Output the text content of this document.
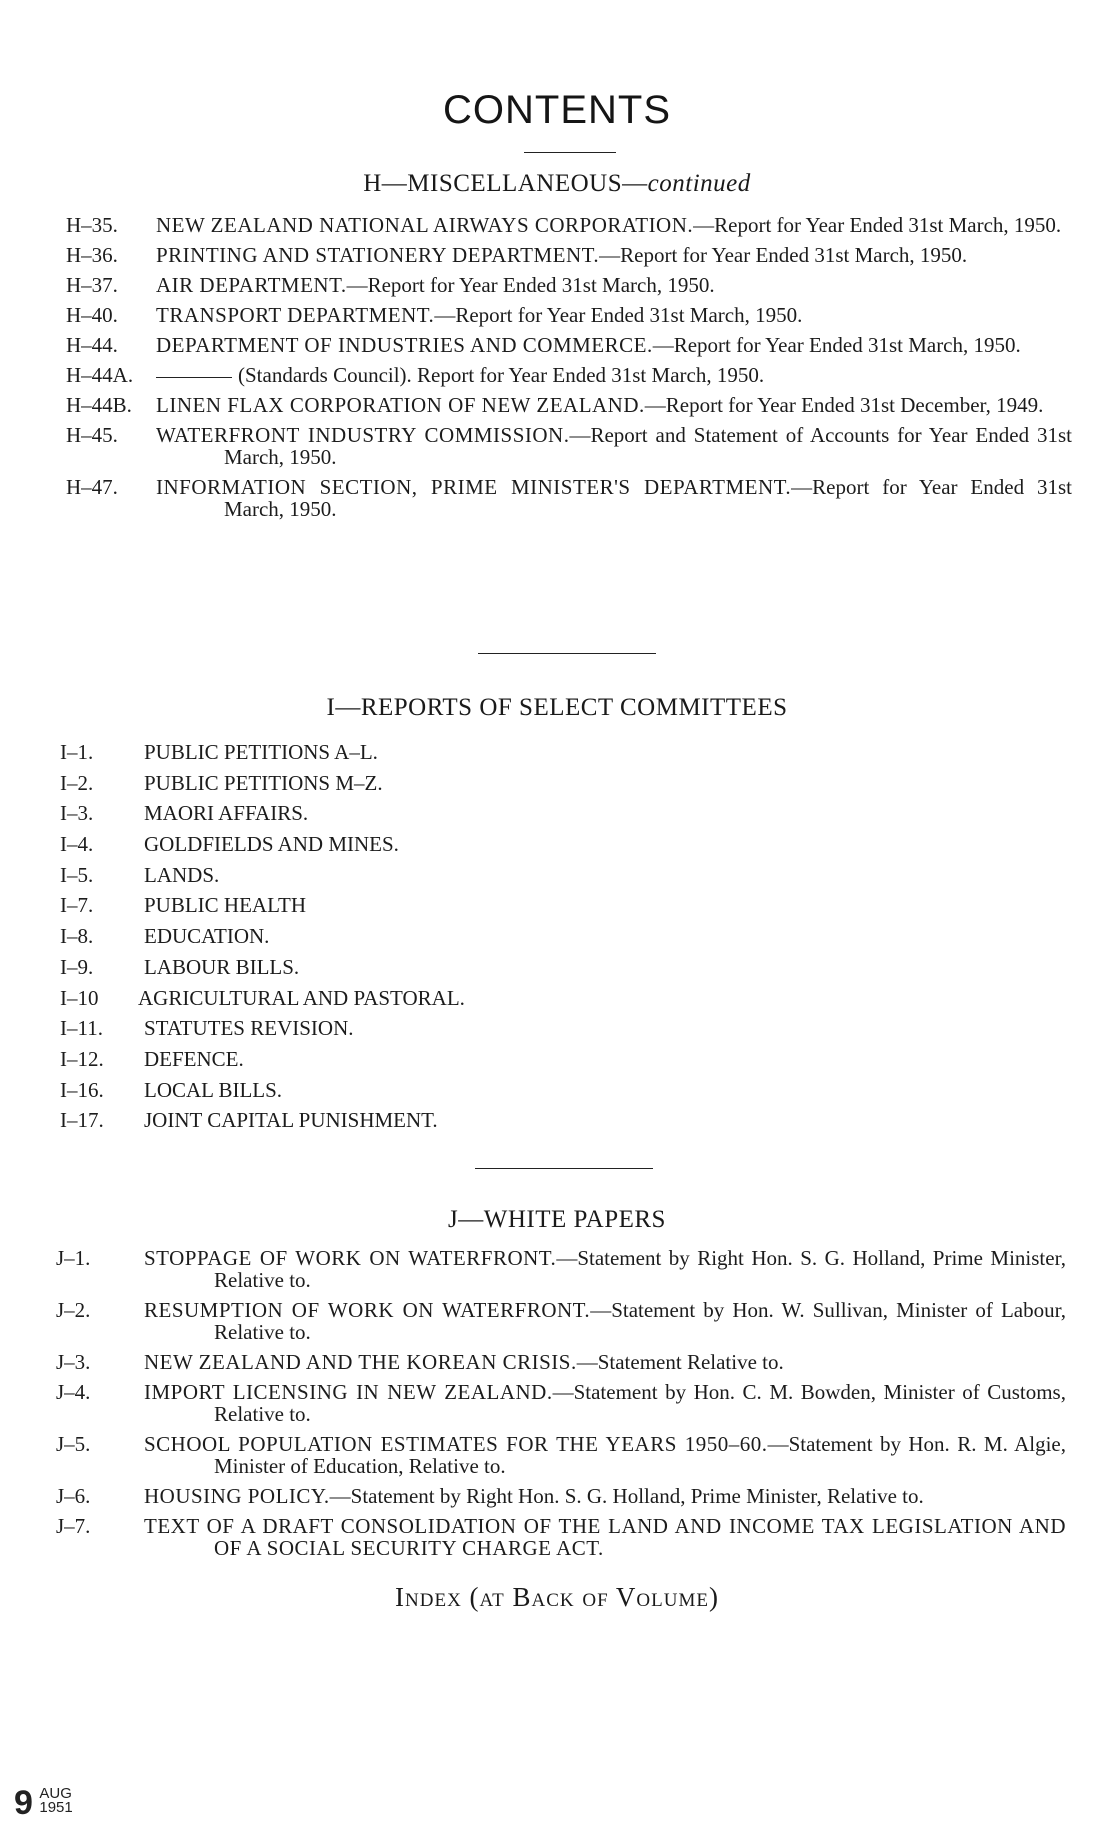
CONTENTS
H—MISCELLANEOUS—continued
H–35. NEW ZEALAND NATIONAL AIRWAYS CORPORATION.—Report for Year Ended 31st March, 1950.
H–36. PRINTING AND STATIONERY DEPARTMENT.—Report for Year Ended 31st March, 1950.
H–37. AIR DEPARTMENT.—Report for Year Ended 31st March, 1950.
H–40. TRANSPORT DEPARTMENT.—Report for Year Ended 31st March, 1950.
H–44. DEPARTMENT OF INDUSTRIES AND COMMERCE.—Report for Year Ended 31st March, 1950.
H–44A.	(Standards Council). Report for Year Ended 31st March, 1950.
H–44B. LINEN FLAX CORPORATION OF NEW ZEALAND.—Report for Year Ended 31st December, 1949.
H–45. WATERFRONT INDUSTRY COMMISSION.—Report and Statement of Accounts for Year Ended 31st March, 1950.
H–47. INFORMATION SECTION, PRIME MINISTER'S DEPARTMENT.—Report for Year Ended 31st March, 1950.
I—REPORTS OF SELECT COMMITTEES
I–1. PUBLIC PETITIONS A–L.
I–2. PUBLIC PETITIONS M–Z.
I–3. MAORI AFFAIRS.
I–4. GOLDFIELDS AND MINES.
I–5. LANDS.
I–7. PUBLIC HEALTH
I–8. EDUCATION.
I–9. LABOUR BILLS.
I–10 AGRICULTURAL AND PASTORAL.
I–11. STATUTES REVISION.
I–12. DEFENCE.
I–16. LOCAL BILLS.
I–17. JOINT CAPITAL PUNISHMENT.
J—WHITE PAPERS
J–1.	STOPPAGE OF WORK ON WATERFRONT.—Statement by Right Hon. S. G. Holland, Prime Minister, Relative to.
J–2.	RESUMPTION OF WORK ON WATERFRONT.—Statement by Hon. W. Sullivan, Minister of Labour, Relative to.
J–3.	NEW ZEALAND AND THE KOREAN CRISIS.—Statement Relative to.
J–4.	IMPORT LICENSING IN NEW ZEALAND.—Statement by Hon. C. M. Bowden, Minister of Customs, Relative to.
J–5.	SCHOOL POPULATION ESTIMATES FOR THE YEARS 1950–60.—Statement by Hon. R. M. Algie, Minister of Education, Relative to.
J–6.	HOUSING POLICY.—Statement by Right Hon. S. G. Holland, Prime Minister, Relative to.
J–7.	TEXT OF A DRAFT CONSOLIDATION OF THE LAND AND INCOME TAX LEGISLATION AND OF A SOCIAL SECURITY CHARGE ACT.
Index (at Back of Volume)
9 AUG
1951
